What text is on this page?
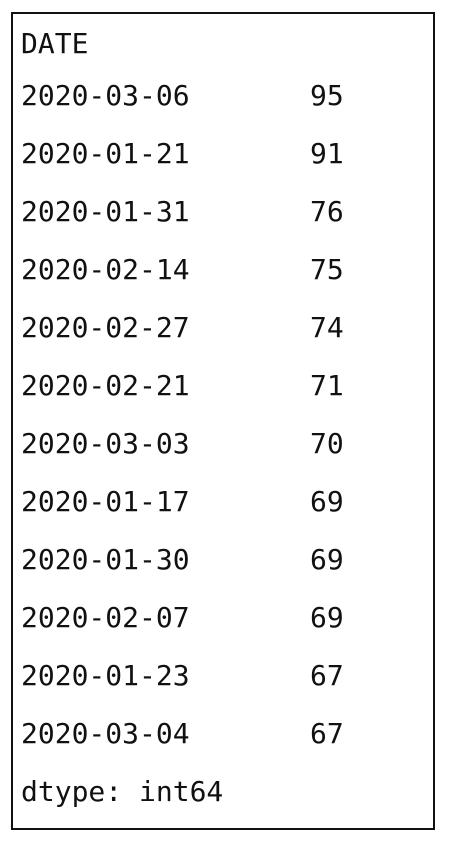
DATE
2020-03-06	95
2020-01-21	91
2020-01-31	76
2020-02-14	75
2020-02-27	74
2020-02-21	71
2020-03-03	70
2020-01-17	69
2020-01-30	69
2020-02-07	69
2020-01-23	67
2020-03-04	67
dtype: int64
